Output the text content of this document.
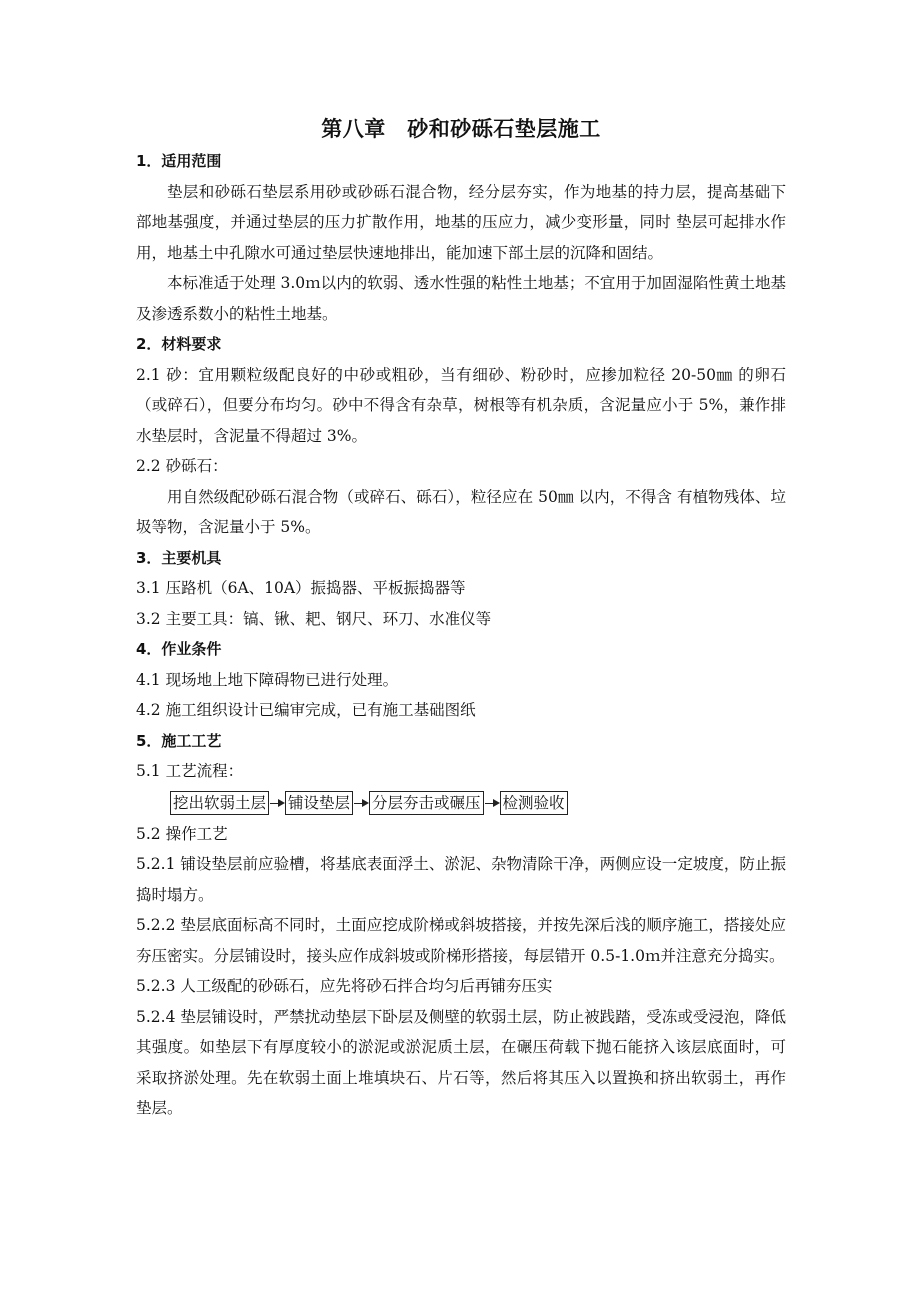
第八章　砂和砂砾石垫层施工
1．适用范围

垫层和砂砾石垫层系用砂或砂砾石混合物，经分层夯实，作为地基的持力层，提高基础下部地基强度，并通过垫层的压力扩散作用，地基的压应力，减少变形量，同时 垫层可起排水作用，地基土中孔隙水可通过垫层快速地排出，能加速下部土层的沉降和固结。

本标准适于处理 3.0ｍ以内的软弱、透水性强的粘性土地基；不宜用于加固湿陷性黄土地基及渗透系数小的粘性土地基。

2．材料要求

2.1 砂：宜用颗粒级配良好的中砂或粗砂，当有细砂、粉砂时，应掺加粒径 20-50㎜ 的卵石（或碎石），但要分布均匀。砂中不得含有杂草，树根等有机杂质，含泥量应小于 5%，兼作排水垫层时，含泥量不得超过 3%。

2.2 砂砾石：

用自然级配砂砾石混合物（或碎石、砾石），粒径应在 50㎜ 以内，不得含 有植物残体、垃圾等物，含泥量小于 5%。

3．主要机具

3.1 压路机（6A、10A）振捣器、平板振捣器等

3.2 主要工具：镐、锹、耙、钢尺、环刀、水准仪等

4．作业条件

4.1 现场地上地下障碍物已进行处理。

4.2 施工组织设计已编审完成，已有施工基础图纸

5．施工工艺

5.1 工艺流程：

挖出软弱土层 铺设垫层 分层夯击或碾压 检测验收

5.2 操作工艺

5.2.1 铺设垫层前应验槽，将基底表面浮土、淤泥、杂物清除干净，两侧应设一定坡度，防止振捣时塌方。

5.2.2 垫层底面标高不同时，土面应挖成阶梯或斜坡搭接，并按先深后浅的顺序施工，搭接处应夯压密实。分层铺设时，接头应作成斜坡或阶梯形搭接，每层错开 0.5-1.0ｍ并注意充分捣实。

5.2.3 人工级配的砂砾石，应先将砂石拌合均匀后再铺夯压实

5.2.4 垫层铺设时，严禁扰动垫层下卧层及侧壁的软弱土层，防止被践踏，受冻或受浸泡，降低其强度。如垫层下有厚度较小的淤泥或淤泥质土层，在碾压荷载下抛石能挤入该层底面时，可采取挤淤处理。先在软弱土面上堆填块石、片石等，然后将其压入以置换和挤出软弱土，再作垫层。
